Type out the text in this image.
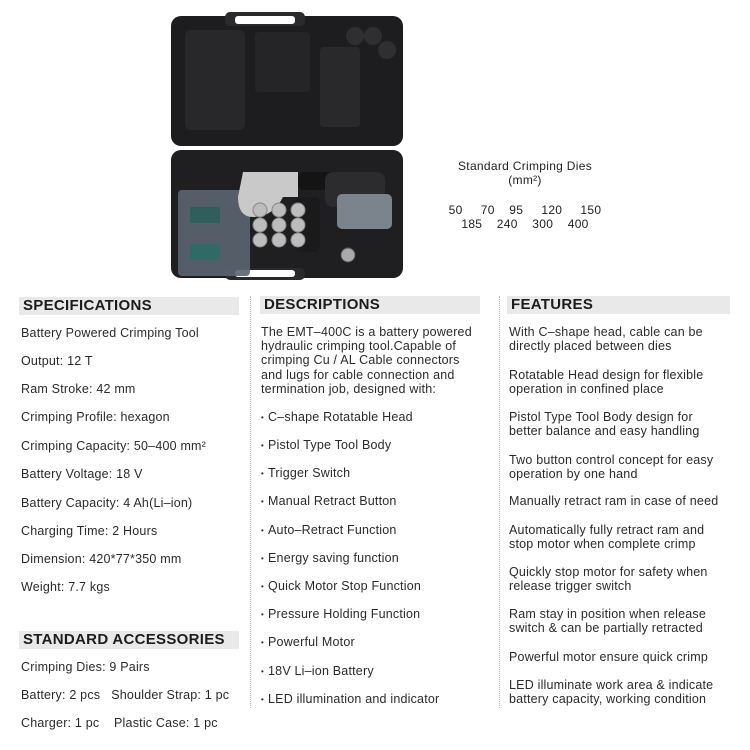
Standard Crimping Dies
(mm²)
50     70    95     120     150
185    240    300    400
SPECIFICATIONS
Battery Powered Crimping Tool
Output: 12 T
Ram Stroke: 42 mm
Crimping Profile: hexagon
Crimping Capacity: 50–400 mm²
Battery Voltage: 18 V
Battery Capacity: 4 Ah(Li–ion)
Charging Time: 2 Hours
Dimension: 420*77*350 mm
Weight: 7.7 kgs
STANDARD ACCESSORIES
Crimping Dies: 9 Pairs
Battery: 2 pcs   Shoulder Strap: 1 pc
Charger: 1 pc    Plastic Case: 1 pc
DESCRIPTIONS
The EMT–400C is a battery powered
hydraulic crimping tool.Capable of
crimping Cu / AL Cable connectors
and lugs for cable connection and
termination job, designed with:
• C–shape Rotatable Head
• Pistol Type Tool Body
• Trigger Switch
• Manual Retract Button
• Auto–Retract Function
• Energy saving function
• Quick Motor Stop Function
• Pressure Holding Function
• Powerful Motor
• 18V Li–ion Battery
• LED illumination and indicator
FEATURES
With C–shape head, cable can be
directly placed between dies
Rotatable Head design for flexible
operation in confined place
Pistol Type Tool Body design for
better balance and easy handling
Two button control concept for easy
operation by one hand
Manually retract ram in case of need
Automatically fully retract ram and
stop motor when complete crimp
Quickly stop motor for safety when
release trigger switch
Ram stay in position when release
switch & can be partially retracted
Powerful motor ensure quick crimp
LED illuminate work area & indicate
battery capacity, working condition
